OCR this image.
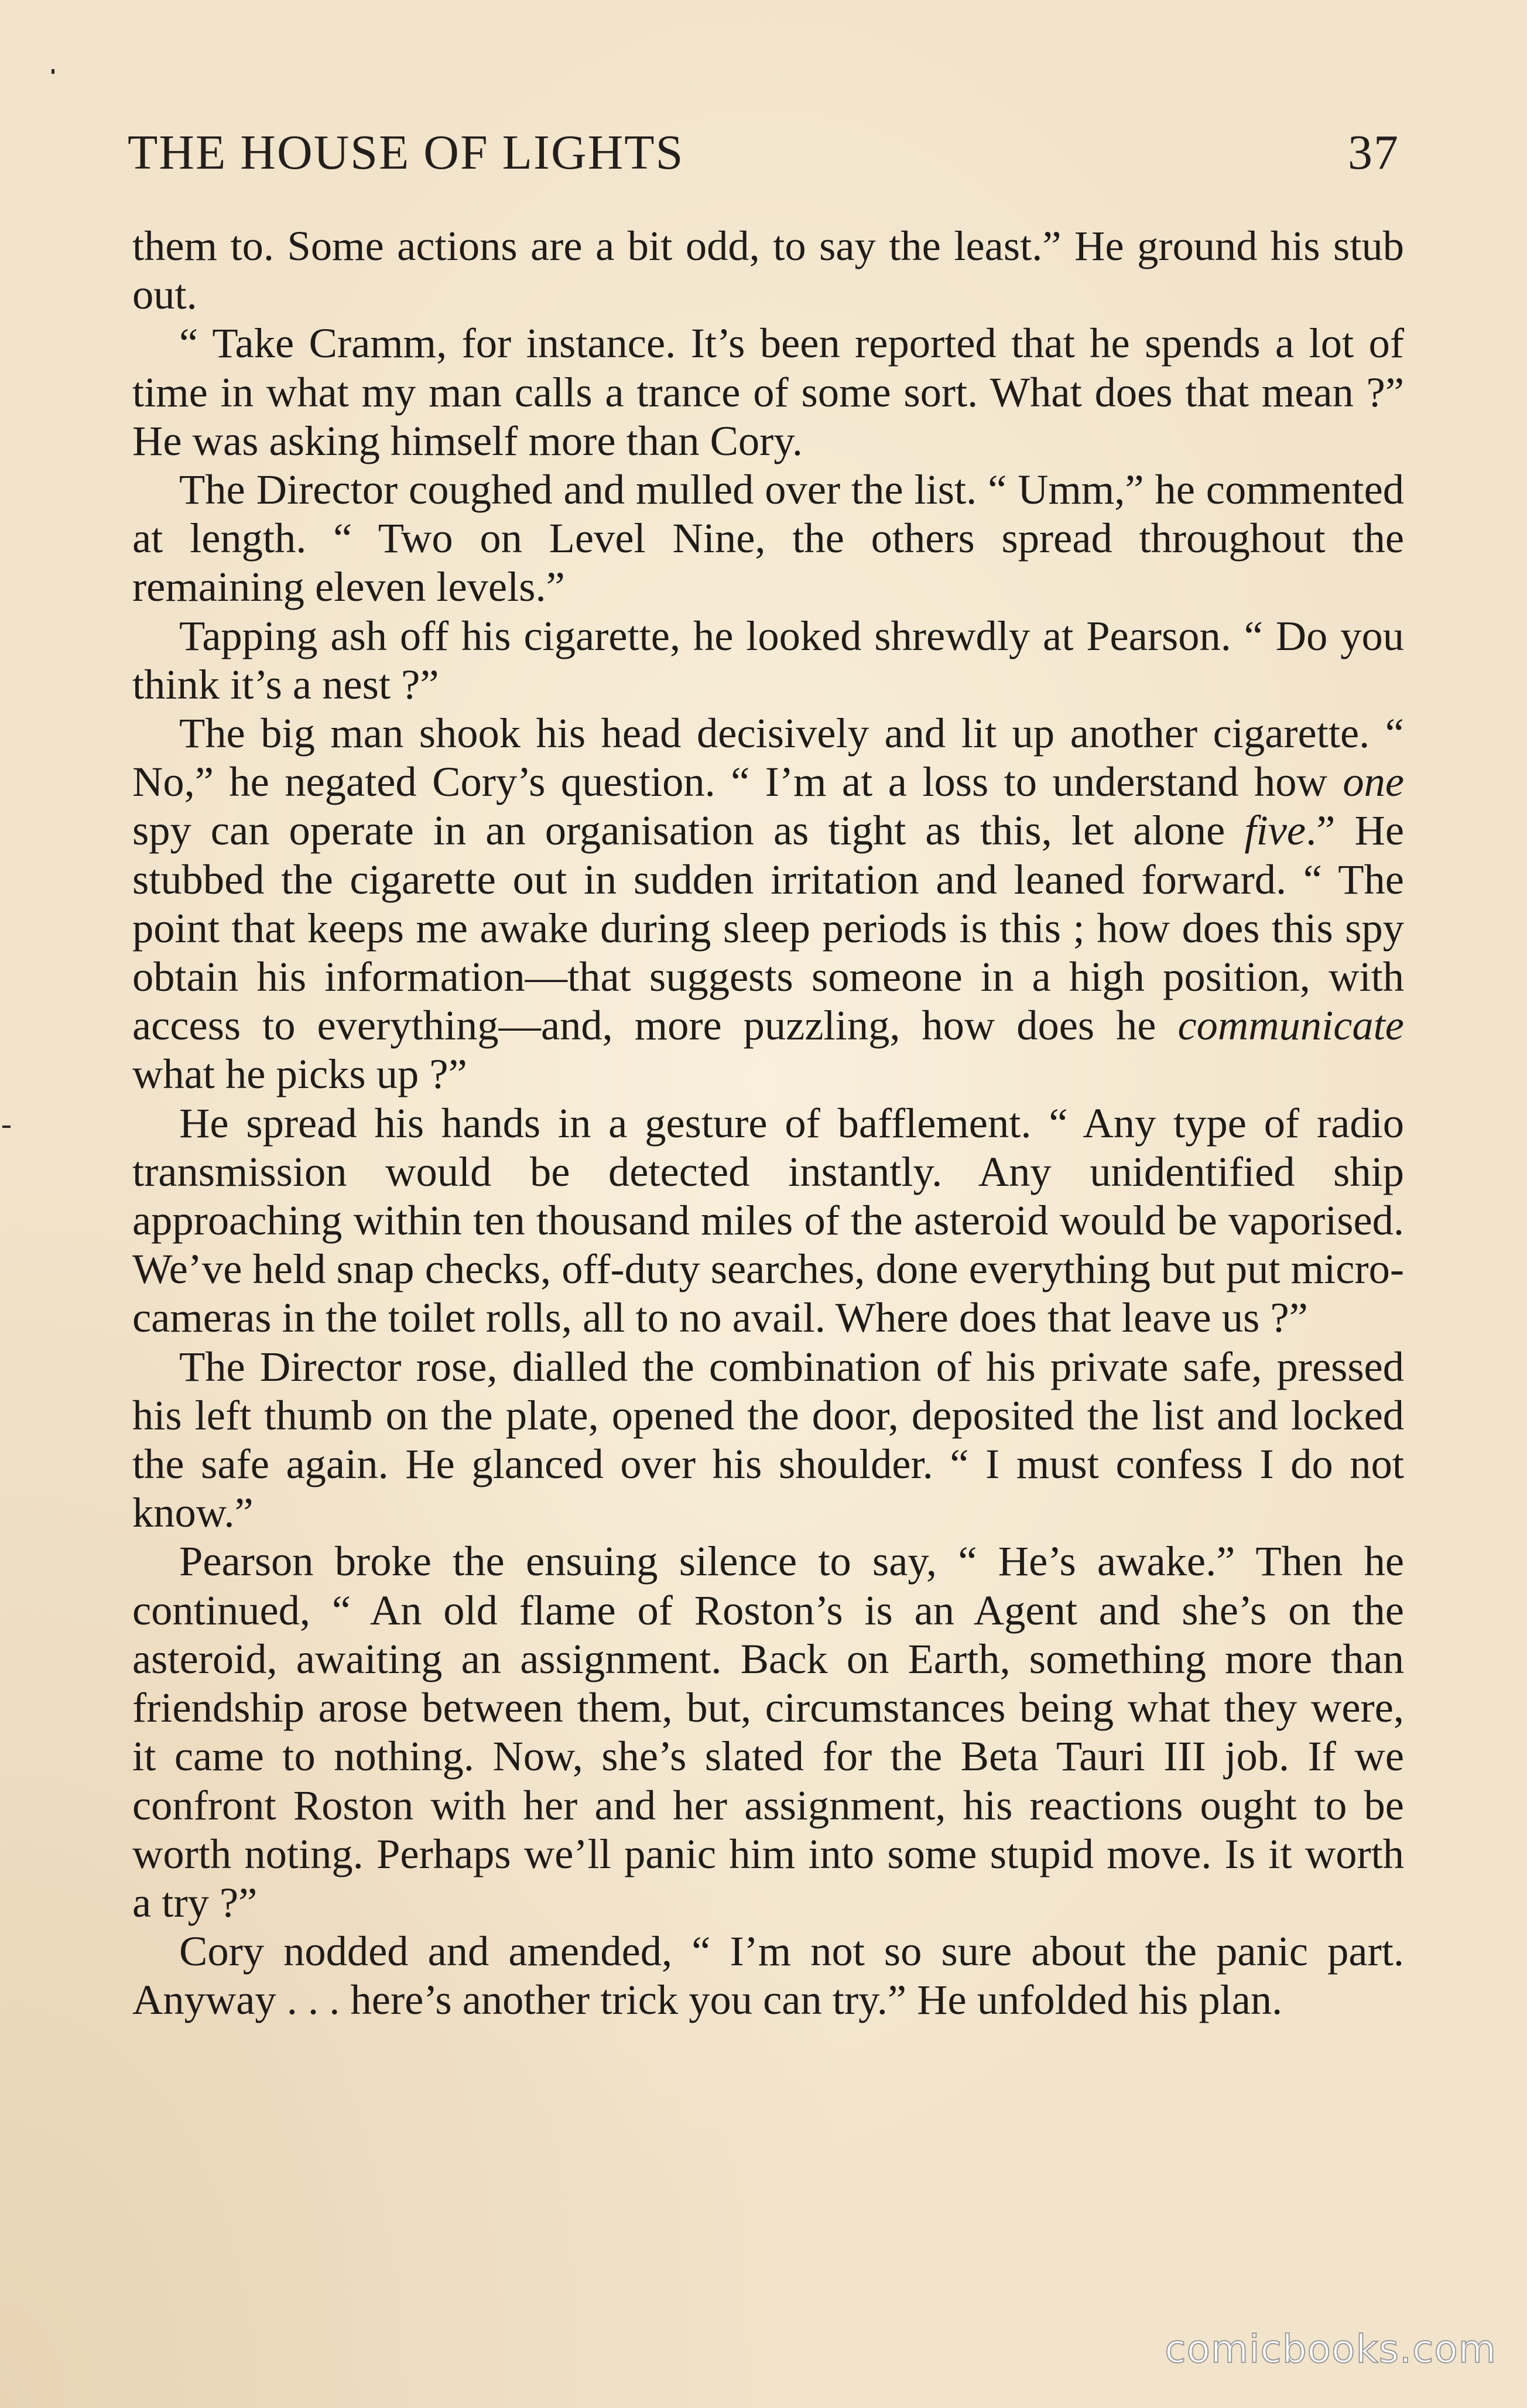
THE HOUSE OF LIGHTS	37

them to. Some actions are a bit odd, to say the least.” He ground his stub out.

“ Take Cramm, for instance. It’s been reported that he spends a lot of time in what my man calls a trance of some sort. What does that mean ?” He was asking himself more than Cory.

The Director coughed and mulled over the list. “ Umm,” he commented at length. “ Two on Level Nine, the others spread throughout the remaining eleven levels.”

Tapping ash off his cigarette, he looked shrewdly at Pearson. “ Do you think it’s a nest ?”

The big man shook his head decisively and lit up another cigarette. “ No,” he negated Cory’s question. “ I’m at a loss to understand how one spy can operate in an organisation as tight as this, let alone five.” He stubbed the cigarette out in sudden irritation and leaned forward. “ The point that keeps me awake during sleep periods is this ; how does this spy obtain his information—that suggests someone in a high position, with access to everything—and, more puzzling, how does he communicate what he picks up ?”

He spread his hands in a gesture of bafflement. “ Any type of radio transmission would be detected instantly. Any unidentified ship approaching within ten thousand miles of the asteroid would be vaporised. We’ve held snap checks, off-duty searches, done everything but put micro-cameras in the toilet rolls, all to no avail. Where does that leave us ?”

The Director rose, dialled the combination of his private safe, pressed his left thumb on the plate, opened the door, deposited the list and locked the safe again. He glanced over his shoulder. “ I must confess I do not know.”

Pearson broke the ensuing silence to say, “ He’s awake.” Then he continued, “ An old flame of Roston’s is an Agent and she’s on the asteroid, awaiting an assignment. Back on Earth, something more than friendship arose between them, but, circumstances being what they were, it came to nothing. Now, she’s slated for the Beta Tauri III job. If we confront Roston with her and her assignment, his reactions ought to be worth noting. Perhaps we’ll panic him into some stupid move. Is it worth a try ?”

Cory nodded and amended, “ I’m not so sure about the panic part. Anyway . . . here’s another trick you can try.” He unfolded his plan.

comicbooks.com
